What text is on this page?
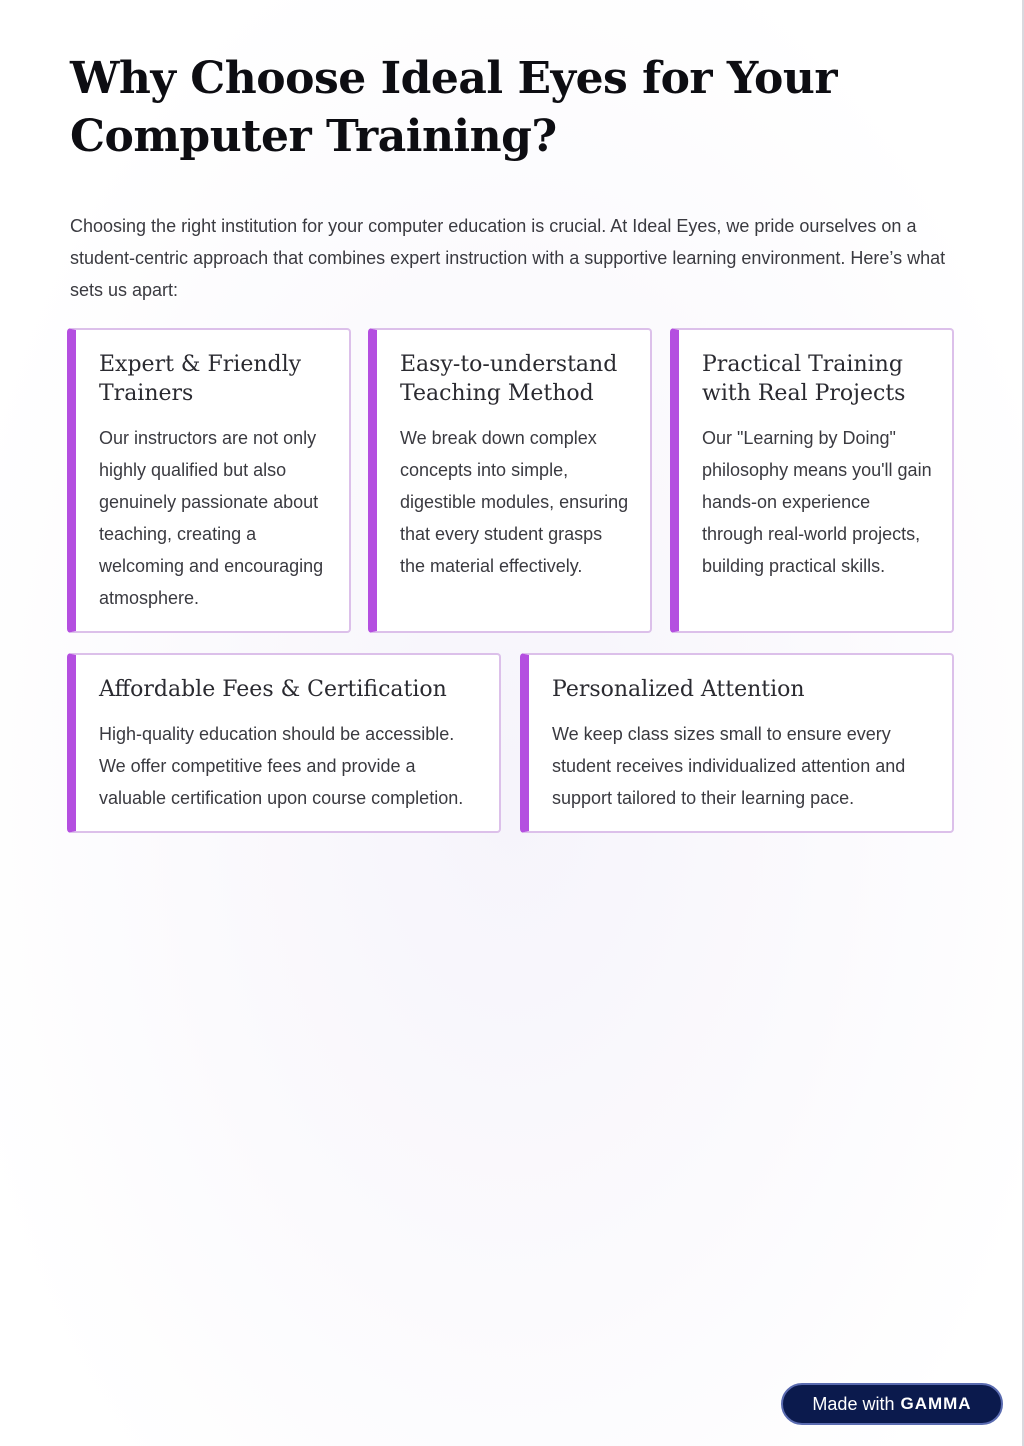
Why Choose Ideal Eyes for Your Computer Training?

Choosing the right institution for your computer education is crucial. At Ideal Eyes, we pride ourselves on a student-centric approach that combines expert instruction with a supportive learning environment. Here’s what sets us apart:

Expert & Friendly Trainers

Our instructors are not only highly qualified but also genuinely passionate about teaching, creating a welcoming and encouraging atmosphere.

Easy-to-understand Teaching Method

We break down complex concepts into simple, digestible modules, ensuring that every student grasps the material effectively.

Practical Training with Real Projects

Our "Learning by Doing" philosophy means you'll gain hands-on experience through real-world projects, building practical skills.

Affordable Fees & Certification

High-quality education should be accessible. We offer competitive fees and provide a valuable certification upon course completion.

Personalized Attention

We keep class sizes small to ensure every student receives individualized attention and support tailored to their learning pace.

Made with GAMMA
